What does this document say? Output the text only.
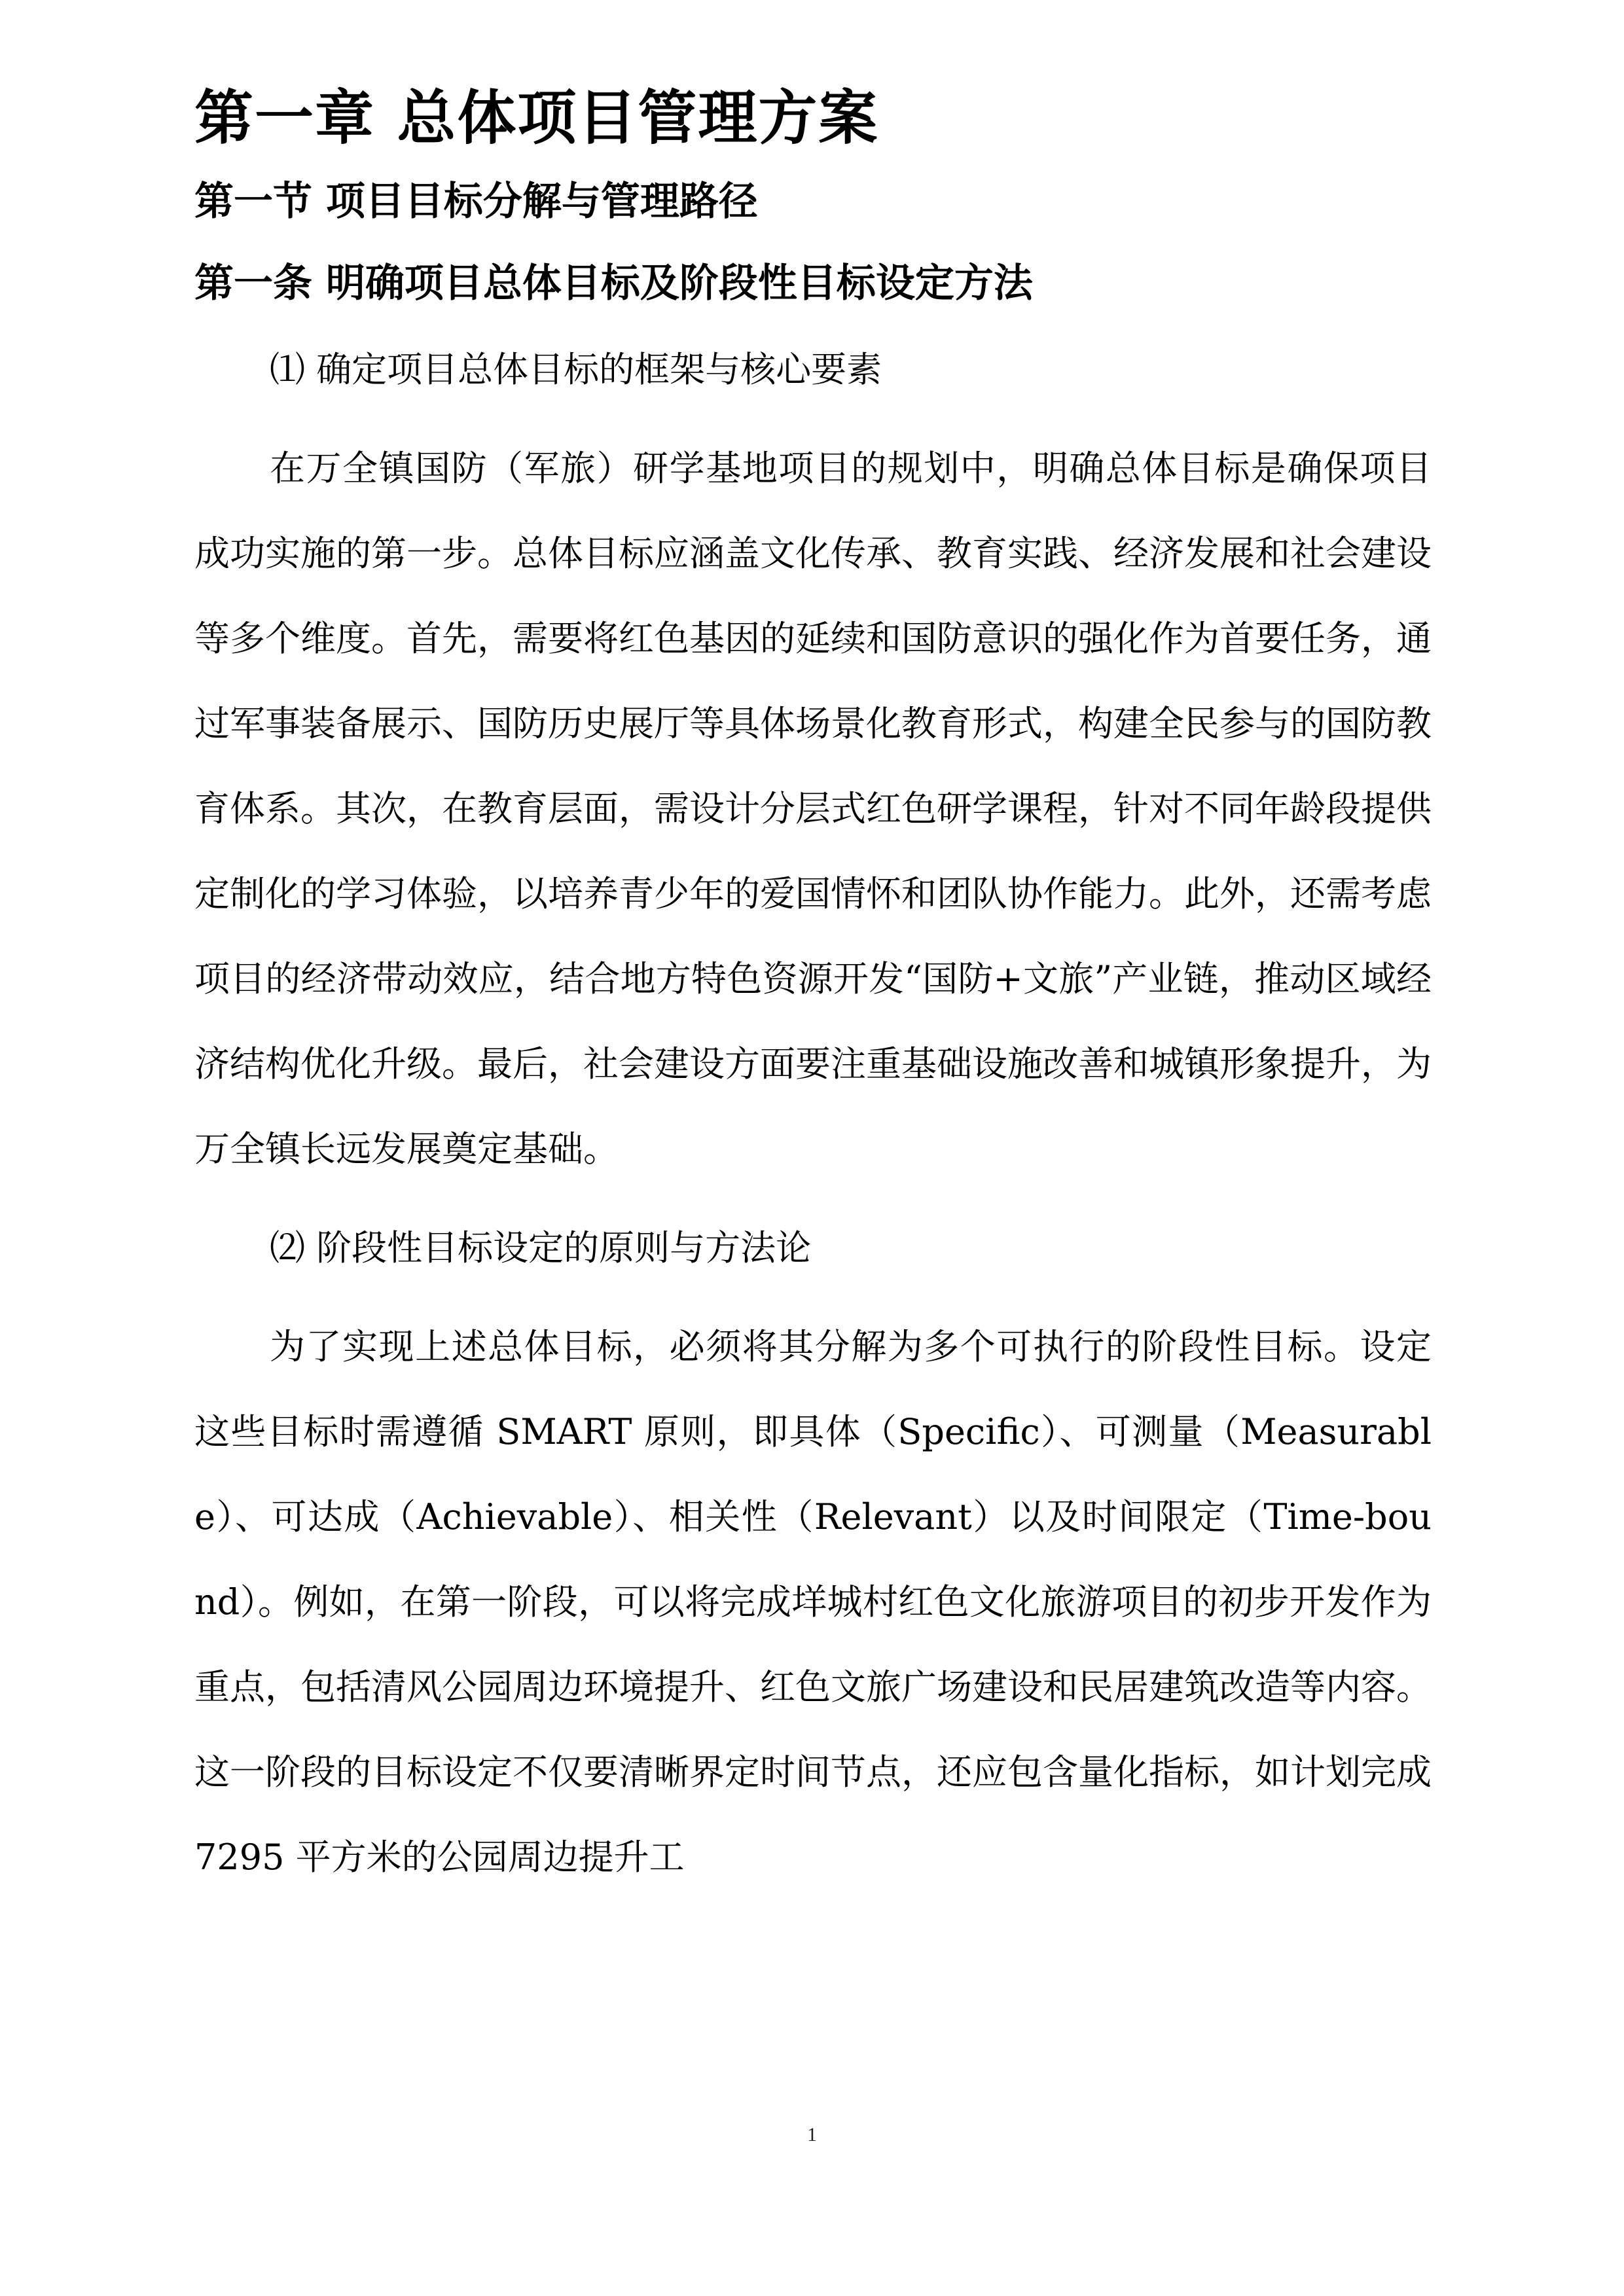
第一章 总体项目管理方案
第一节 项目目标分解与管理路径
第一条 明确项目总体目标及阶段性目标设定方法
⑴ 确定项目总体目标的框架与核心要素

在万全镇国防（军旅）研学基地项目的规划中，明确总体目标是确保项目成功实施的第一步。总体目标应涵盖文化传承、教育实践、经济发展和社会建设等多个维度。首先，需要将红色基因的延续和国防意识的强化作为首要任务，通过军事装备展示、国防历史展厅等具体场景化教育形式，构建全民参与的国防教育体系。其次，在教育层面，需设计分层式红色研学课程，针对不同年龄段提供定制化的学习体验，以培养青少年的爱国情怀和团队协作能力。此外，还需考虑项目的经济带动效应，结合地方特色资源开发“国防+文旅”产业链，推动区域经济结构优化升级。最后，社会建设方面要注重基础设施改善和城镇形象提升，为万全镇长远发展奠定基础。

⑵ 阶段性目标设定的原则与方法论

为了实现上述总体目标，必须将其分解为多个可执行的阶段性目标。设定这些目标时需遵循 SMART 原则，即具体（Specific）、可测量（Measurable）、可达成（Achievable）、相关性（Relevant）以及时间限定（Time-bound）。例如，在第一阶段，可以将完成垟城村红色文化旅游项目的初步开发作为重点，包括清风公园周边环境提升、红色文旅广场建设和民居建筑改造等内容。这一阶段的目标设定不仅要清晰界定时间节点，还应包含量化指标，如计划完成 7295 平方米的公园周边提升工

1
